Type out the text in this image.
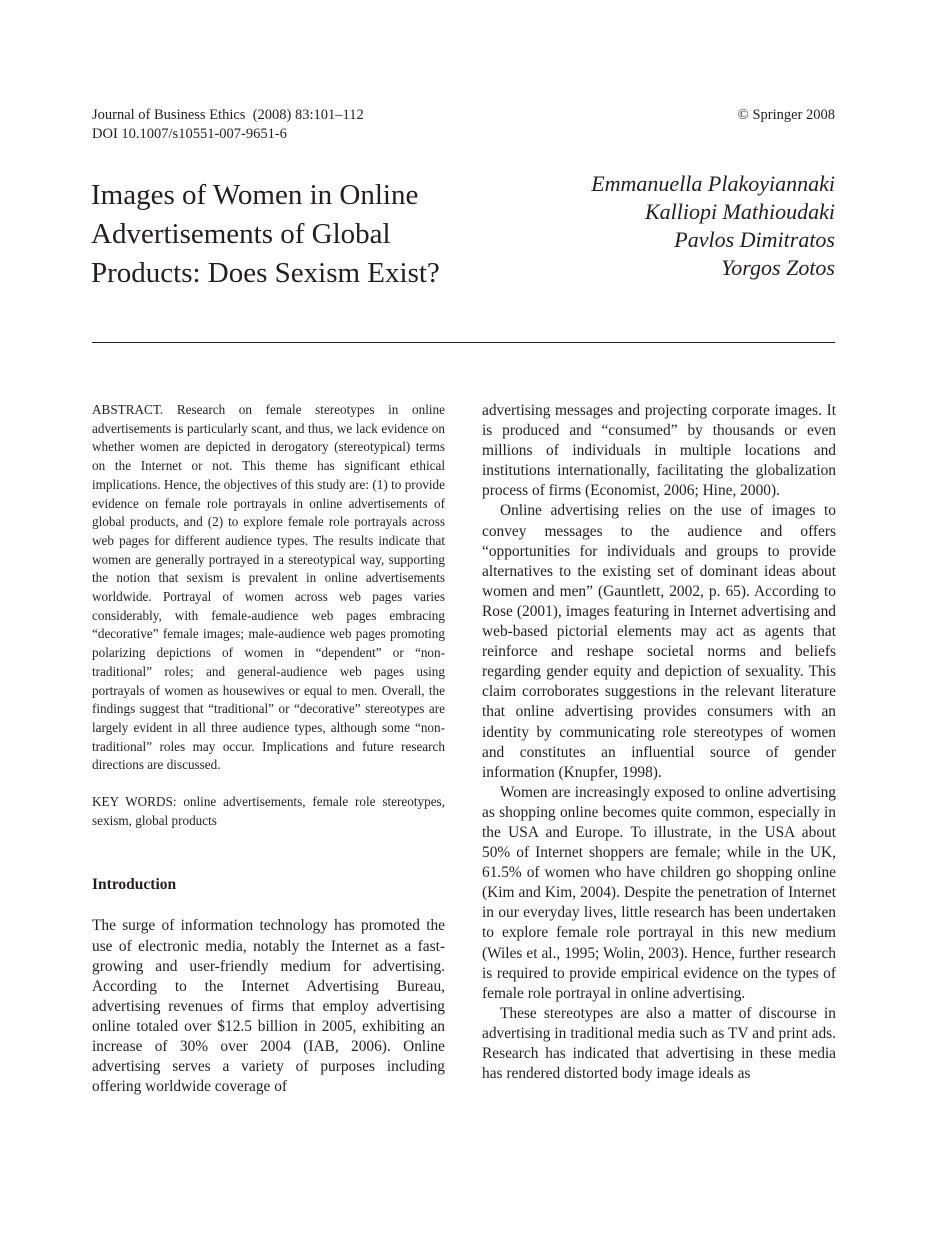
Journal of Business Ethics (2008) 83:101–112
DOI 10.1007/s10551-007-9651-6
© Springer 2008
Images of Women in Online
Advertisements of Global
Products: Does Sexism Exist?
Emmanuella Plakoyiannaki
Kalliopi Mathioudaki
Pavlos Dimitratos
Yorgos Zotos

ABSTRACT. Research on female stereotypes in online advertisements is particularly scant, and thus, we lack evidence on whether women are depicted in derogatory (stereotypical) terms on the Internet or not. This theme has significant ethical implications. Hence, the objectives of this study are: (1) to provide evidence on female role portrayals in online advertisements of global products, and (2) to explore female role portrayals across web pages for different audience types. The results indicate that women are generally portrayed in a stereotypical way, supporting the notion that sexism is prevalent in online advertisements worldwide. Portrayal of women across web pages varies considerably, with female-audience web pages embracing “decorative” female images; male-audience web pages promoting polarizing depictions of women in “dependent” or “non-traditional” roles; and general-audience web pages using portrayals of women as housewives or equal to men. Overall, the findings suggest that “traditional” or “decorative” stereotypes are largely evident in all three audience types, although some “non-traditional” roles may occur. Implications and future research directions are discussed.

KEY WORDS: online advertisements, female role stereotypes, sexism, global products

Introduction

The surge of information technology has promoted the use of electronic media, notably the Internet as a fast-growing and user-friendly medium for advertising. According to the Internet Advertising Bureau, advertising revenues of firms that employ advertising online totaled over $12.5 billion in 2005, exhibiting an increase of 30% over 2004 (IAB, 2006). Online advertising serves a variety of purposes including offering worldwide coverage of

advertising messages and projecting corporate images. It is produced and “consumed” by thousands or even millions of individuals in multiple locations and institutions internationally, facilitating the globalization process of firms (Economist, 2006; Hine, 2000).

Online advertising relies on the use of images to convey messages to the audience and offers “opportunities for individuals and groups to provide alternatives to the existing set of dominant ideas about women and men” (Gauntlett, 2002, p. 65). According to Rose (2001), images featuring in Internet advertising and web-based pictorial elements may act as agents that reinforce and reshape societal norms and beliefs regarding gender equity and depiction of sexuality. This claim corroborates suggestions in the relevant literature that online advertising provides consumers with an identity by communicating role stereotypes of women and constitutes an influential source of gender information (Knupfer, 1998).

Women are increasingly exposed to online advertising as shopping online becomes quite common, especially in the USA and Europe. To illustrate, in the USA about 50% of Internet shoppers are female; while in the UK, 61.5% of women who have children go shopping online (Kim and Kim, 2004). Despite the penetration of Internet in our everyday lives, little research has been undertaken to explore female role portrayal in this new medium (Wiles et al., 1995; Wolin, 2003). Hence, further research is required to provide empirical evidence on the types of female role portrayal in online advertising.

These stereotypes are also a matter of discourse in advertising in traditional media such as TV and print ads. Research has indicated that advertising in these media has rendered distorted body image ideals as
